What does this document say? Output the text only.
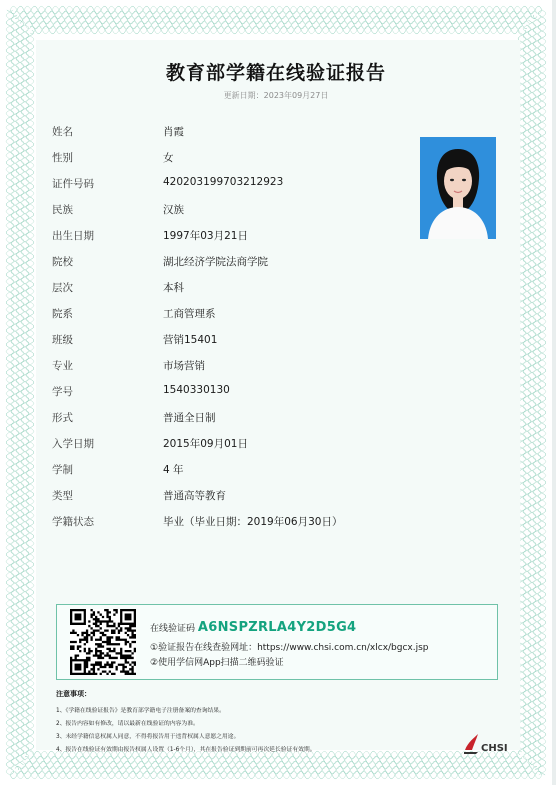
教育部学籍在线验证报告
更新日期：2023年09月27日
姓名	肖霞
性别	女
证件号码	420203199703212923
民族	汉族
出生日期	1997年03月21日
院校	湖北经济学院法商学院
层次	本科
院系	工商管理系
班级	营销15401
专业	市场营销
学号	1540330130
形式	普通全日制
入学日期	2015年09月01日
学制	4 年
类型	普通高等教育
学籍状态	毕业（毕业日期：2019年06月30日）
在线验证码 A6NSPZRLA4Y2D5G4
①验证报告在线查验网址：https://www.chsi.com.cn/xlcx/bgcx.jsp
②使用学信网App扫描二维码验证
注意事项：
1、《学籍在线验证报告》是教育部学籍电子注册备案的查询结果。
2、报告内容如有修改，请以最新在线验证的内容为准。
3、未经学籍信息权属人同意，不得将报告用于违背权属人意愿之用途。
4、报告在线验证有效期由报告权属人设置（1-6个月），其在报告验证到期前可再次延长验证有效期。	CHSI
